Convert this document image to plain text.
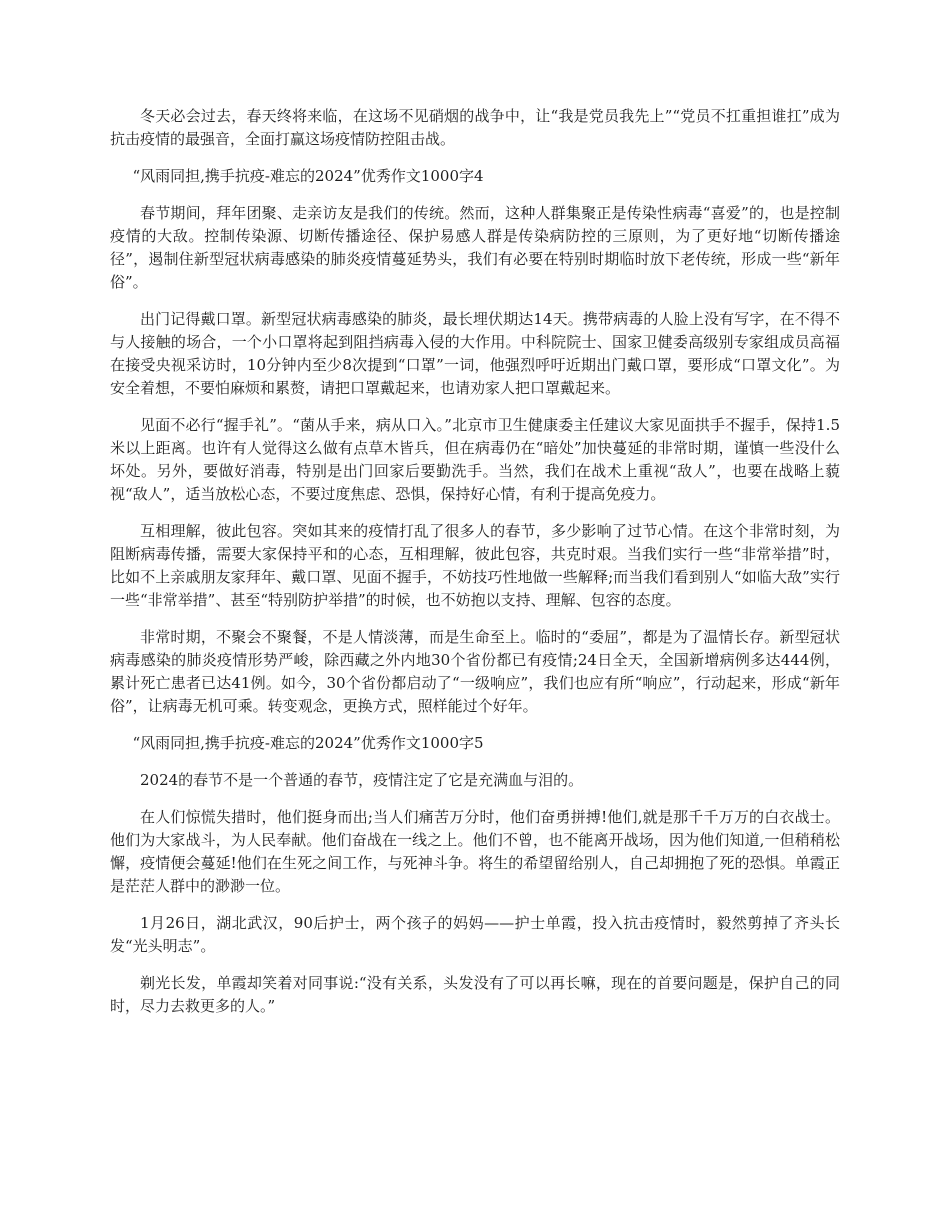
冬天必会过去，春天终将来临，在这场不见硝烟的战争中，让“我是党员我先上”“党员不扛重担谁扛”成为抗击疫情的最强音，全面打赢这场疫情防控阻击战。

“风雨同担,携手抗疫-难忘的2024”优秀作文1000字4

春节期间，拜年团聚、走亲访友是我们的传统。然而，这种人群集聚正是传染性病毒“喜爱”的，也是控制疫情的大敌。控制传染源、切断传播途径、保护易感人群是传染病防控的三原则，为了更好地“切断传播途径”，遏制住新型冠状病毒感染的肺炎疫情蔓延势头，我们有必要在特别时期临时放下老传统，形成一些“新年俗”。

出门记得戴口罩。新型冠状病毒感染的肺炎，最长埋伏期达14天。携带病毒的人脸上没有写字，在不得不与人接触的场合，一个小口罩将起到阻挡病毒入侵的大作用。中科院院士、国家卫健委高级别专家组成员高福在接受央视采访时，10分钟内至少8次提到“口罩”一词，他强烈呼吁近期出门戴口罩，要形成“口罩文化”。为安全着想，不要怕麻烦和累赘，请把口罩戴起来，也请劝家人把口罩戴起来。

见面不必行“握手礼”。“菌从手来，病从口入。”北京市卫生健康委主任建议大家见面拱手不握手，保持1.5米以上距离。也许有人觉得这么做有点草木皆兵，但在病毒仍在“暗处”加快蔓延的非常时期，谨慎一些没什么坏处。另外，要做好消毒，特别是出门回家后要勤洗手。当然，我们在战术上重视“敌人”，也要在战略上藐视“敌人”，适当放松心态，不要过度焦虑、恐惧，保持好心情，有利于提高免疫力。

互相理解，彼此包容。突如其来的疫情打乱了很多人的春节，多少影响了过节心情。在这个非常时刻，为阻断病毒传播，需要大家保持平和的心态，互相理解，彼此包容，共克时艰。当我们实行一些“非常举措”时，比如不上亲戚朋友家拜年、戴口罩、见面不握手，不妨技巧性地做一些解释;而当我们看到别人“如临大敌”实行一些“非常举措”、甚至“特别防护举措”的时候，也不妨抱以支持、理解、包容的态度。

非常时期，不聚会不聚餐，不是人情淡薄，而是生命至上。临时的“委屈”，都是为了温情长存。新型冠状病毒感染的肺炎疫情形势严峻，除西藏之外内地30个省份都已有疫情;24日全天，全国新增病例多达444例，累计死亡患者已达41例。如今，30个省份都启动了“一级响应”，我们也应有所“响应”，行动起来，形成“新年俗”，让病毒无机可乘。转变观念，更换方式，照样能过个好年。

“风雨同担,携手抗疫-难忘的2024”优秀作文1000字5

2024的春节不是一个普通的春节，疫情注定了它是充满血与泪的。

在人们惊慌失措时，他们挺身而出;当人们痛苦万分时，他们奋勇拼搏!他们,就是那千千万万的白衣战士。他们为大家战斗，为人民奉献。他们奋战在一线之上。他们不曾，也不能离开战场，因为他们知道,一但稍稍松懈，疫情便会蔓延!他们在生死之间工作，与死神斗争。将生的希望留给别人，自己却拥抱了死的恐惧。单霞正是茫茫人群中的渺渺一位。

1月26日，湖北武汉，90后护士，两个孩子的妈妈——护士单霞，投入抗击疫情时，毅然剪掉了齐头长发“光头明志”。

剃光长发，单霞却笑着对同事说:“没有关系，头发没有了可以再长嘛，现在的首要问题是，保护自己的同时，尽力去救更多的人。”
